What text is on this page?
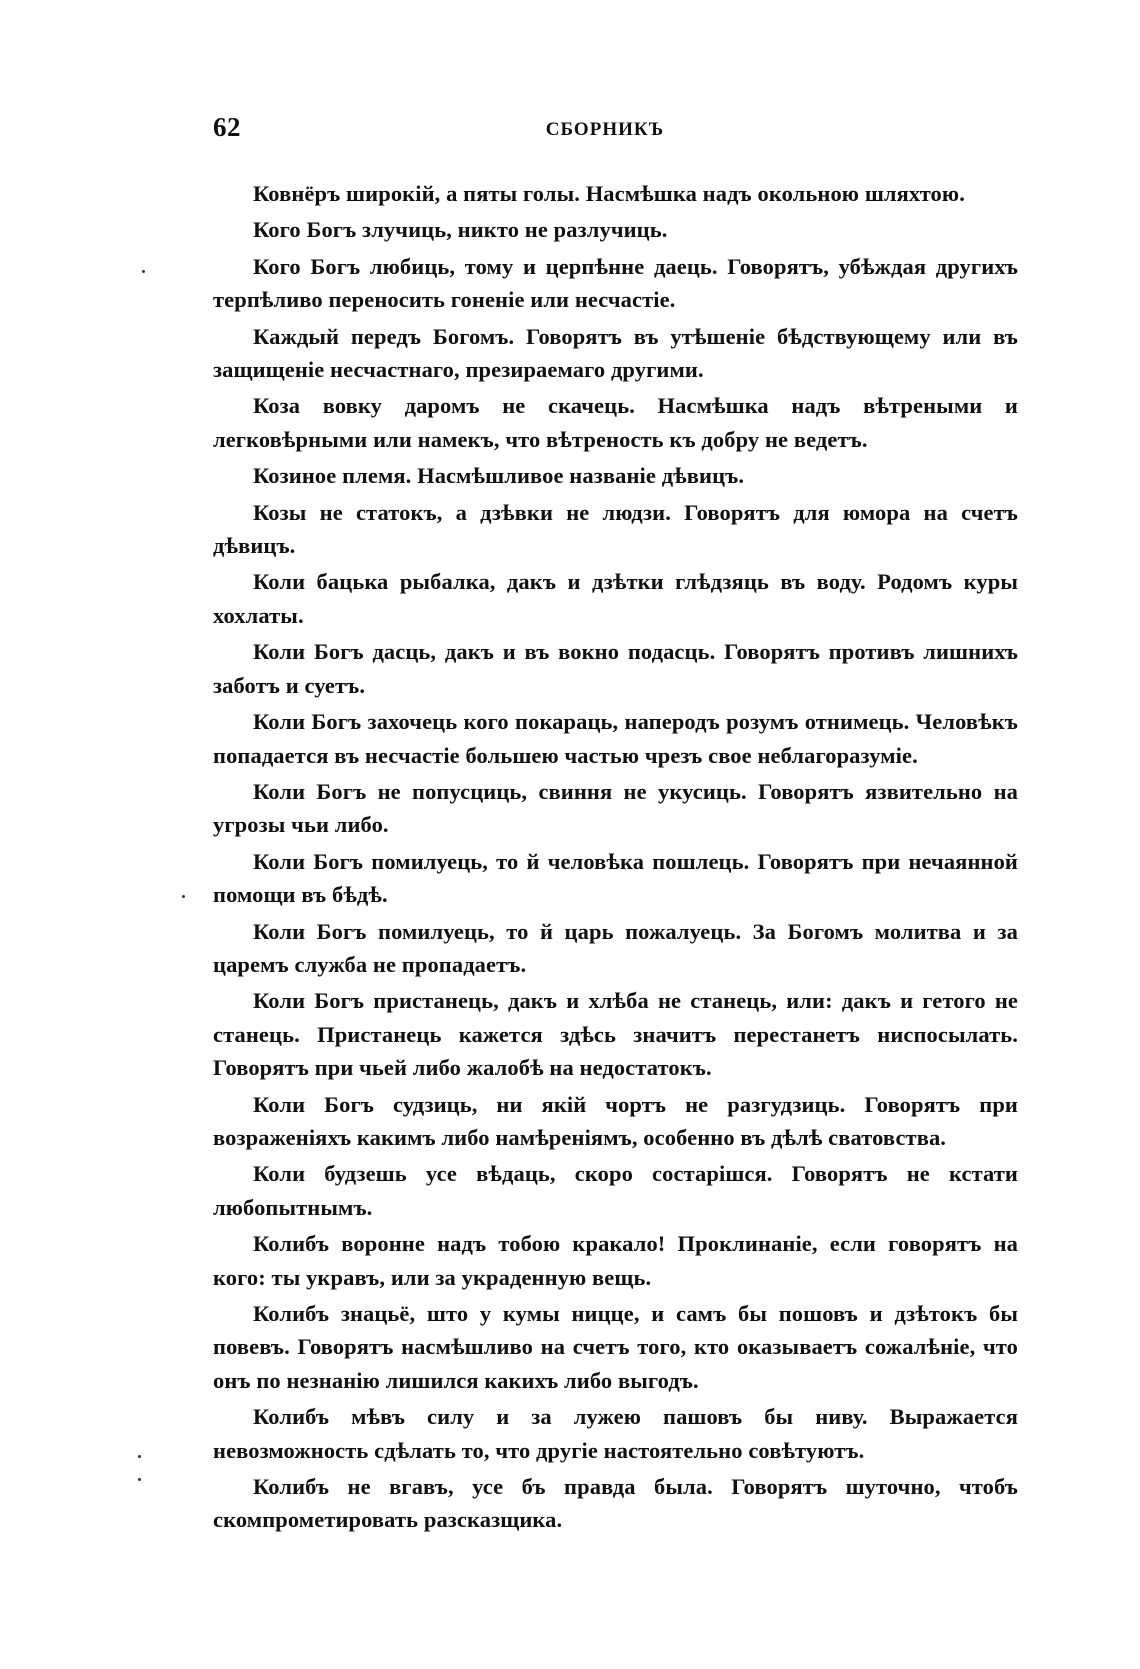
62	СБОРНИКЪ

Ковнёръ широкій, а пяты голы. Насмѣшка надъ окольною шляхтою.

Кого Богъ злучиць, никто не разлучиць.

Кого Богъ любиць, тому и церпѣнне даець. Говорятъ, убѣждая другихъ терпѣливо переносить гоненіе или несчастіе.

Каждый передъ Богомъ. Говорятъ въ утѣшеніе бѣдствующему или въ защищеніе несчастнаго, презираемаго другими.

Коза вовку даромъ не скачець. Насмѣшка надъ вѣтреными и легковѣрными или намекъ, что вѣтреность къ добру не ведетъ.

Козиное племя. Насмѣшливое названіе дѣвицъ.

Козы не статокъ, а дзѣвки не людзи. Говорятъ для юмора на счетъ дѣвицъ.

Коли бацька рыбалка, дакъ и дзѣтки глѣдзяць въ воду. Родомъ куры хохлаты.

Коли Богъ дасць, дакъ и въ вокно подасць. Говорятъ противъ лишнихъ заботъ и суетъ.

Коли Богъ захочець кого покараць, наперодъ розумъ отнимець. Человѣкъ попадается въ несчастіе большею частью чрезъ свое неблагоразуміе.

Коли Богъ не попусциць, свиння не укусиць. Говорятъ язвительно на угрозы чьи либо.

Коли Богъ помилуець, то й человѣка пошлець. Говорятъ при нечаянной помощи въ бѣдѣ.

Коли Богъ помилуець, то й царь пожалуець. За Богомъ молитва и за царемъ служба не пропадаетъ.

Коли Богъ пристанець, дакъ и хлѣба не станець, или: дакъ и гетого не станець. Пристанець кажется здѣсь значитъ перестанетъ ниспосылать. Говорятъ при чьей либо жалобѣ на недостатокъ.

Коли Богъ судзиць, ни якій чортъ не разгудзиць. Говорятъ при возраженіяхъ какимъ либо намѣреніямъ, особенно въ дѣлѣ сватовства.

Коли будзешь усе вѣдаць, скоро состарішся. Говорятъ не кстати любопытнымъ.

Колибъ воронне надъ тобою кракало! Проклинаніе, если говорятъ на кого: ты укравъ, или за украденную вещь.

Колибъ знацьё, што у кумы ниццe, и самъ бы пошовъ и дзѣтокъ бы повевъ. Говорятъ насмѣшливо на счетъ того, кто оказываетъ сожалѣніе, что онъ по незнанію лишился какихъ либо выгодъ.

Колибъ мѣвъ силу и за лужею пашовъ бы ниву. Выражается невозможность сдѣлать то, что другіе настоятельно совѣтуютъ.

Колибъ не вгавъ, усе бъ правда была. Говорятъ шуточно, чтобъ скомпрометировать разсказщика.
